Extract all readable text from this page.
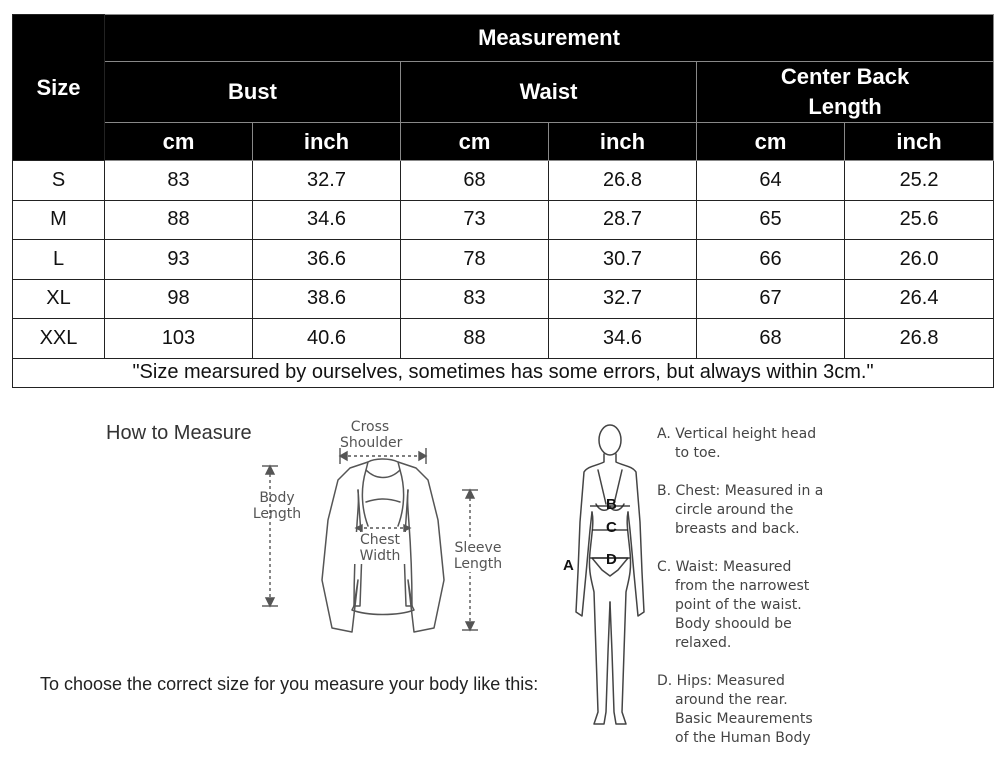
Size	Measurement					
	Bust		Waist		Center Back Length	

	cm	inch	cm	inch	cm	inch
S	83	32.7	68	26.8	64	25.2
M	88	34.6	73	28.7	65	25.6
L	93	36.6	78	30.7	66	26.0
XL	98	38.6	83	32.7	67	26.4
XXL	103	40.6	88	34.6	68	26.8
"Size mearsured by ourselves, sometimes has some errors, but always within 3cm."						
How to Measure	Cross
Shoulder
Body
Length
Chest
Width	Sleeve
Length
B
C
D
A
A. Vertical height head
to toe.
B. Chest: Measured in a
circle around the
breasts and back.
C. Waist: Measured
from the narrowest
point of the waist.
Body shoould be
relaxed.
D. Hips: Measured
around the rear.
Basic Meaurements
of the Human Body
To choose the correct size for you measure your body like this:
